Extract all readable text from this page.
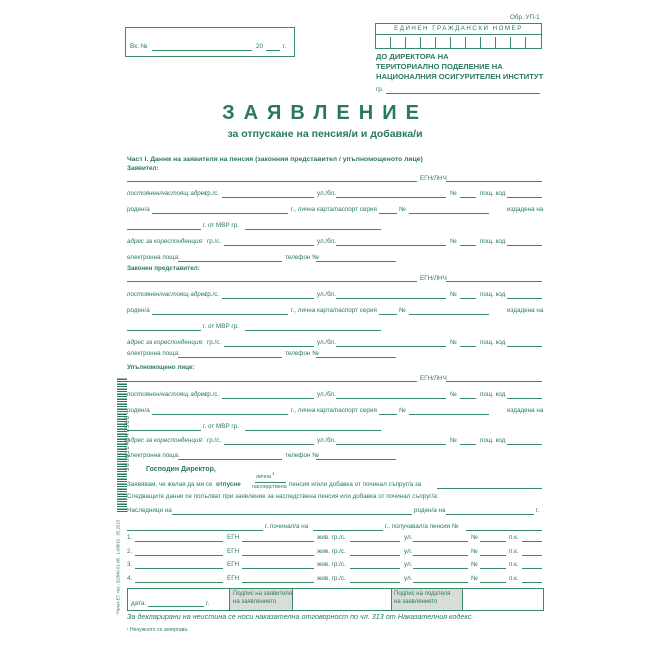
Вх. №	20	г.
Обр. УП-1
ЕДИНЕН ГРАЖДАНСКИ НОМЕР
ДО ДИРЕКТОРА НА
ТЕРИТОРИАЛНО ПОДЕЛЕНИЕ НА
НАЦИОНАЛНИЯ ОСИГУРИТЕЛЕН ИНСТИТУТ
гр.
ЗАЯВЛЕНИЕ
за отпускане на пенсия/и и добавка/и
Част I. Данни на заявителя на пенсия (законния представител / упълномощеното лице)
Заявител:
ЕГН/ЛНЧ
постоянен/настоящ адрес:
гр./с.	ул./бл.	№	пощ. код
роден/а	г., лична карта/паспорт серия	№	издадена на
г. от МВР гр.
адрес за кореспонденция: гр./с.	ул./бл.	№	пощ. код
електронна поща:	телефон №
Законен представител:
ЕГН/ЛНЧ
постоянен/настоящ адрес:
гр./с.	ул./бл.	№	пощ. код
роден/а	г., лична карта/паспорт серия	№	издадена на
г. от МВР гр.
адрес за кореспонденция: гр./с.	ул./бл.	№	пощ. код
електронна поща:	телефон №
Упълномощено лице:
ЕГН/ЛНЧ
постоянен/настоящ адрес:
гр./с.	ул./бл.	№	пощ. код
роден/а	г., лична карта/паспорт серия	№	издадена на
г. от МВР гр.
адрес за кореспонденция: гр./с.	ул./бл.	№	пощ. код
електронна поща:	телефон №
Господин Директор,
Заявявам, че желая да ми се отпусне
лична
1
наследствена пенсия и/или добавка от починал съпруг/а за
Следващите данни се попълват при заявление за наследствена пенсия или добавка от починал съпруг/а:
Наследници на	роден/а на	г.
г. починал/а на	г., получавал/а пенсия №
1.	ЕГН	жив. гр./с.	ул.	№	п.к.
2.	ЕГН	жив. гр./с.	ул.	№	п.к.
3.	ЕГН	жив. гр./с.	ул.	№	п.к.
4.	ЕГН	жив. гр./с.	ул.	№	п.к.
дата:	г.
Подпис на заявителя
на заявлението
Подпис на подателя
на заявлението
За декларирани на неистина се носи наказателна отговорност по чл. 313 от Наказателния кодекс.
¹ Ненужното се зачертава.
3800114540568
*Печат-ЕТ, тел.: 02/846-01-88 · 1-8/8/10 · 05.2013
